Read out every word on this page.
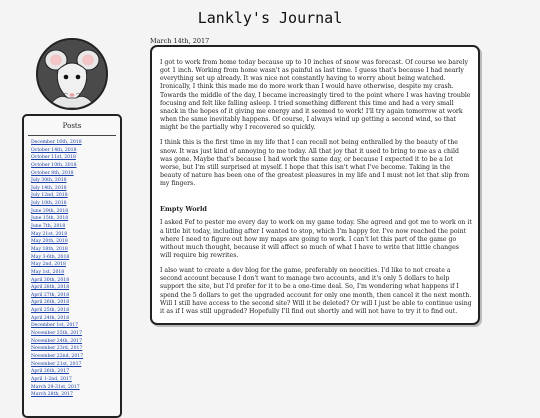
Lankly's Journal
Posts
December 16th, 2018
October 14th, 2018
October 11st, 2018
October 10th, 2018
October 8th, 2018
July 30th, 2018
July 14th, 2018
July 12nd, 2018
July 10th, 2018
June 29th, 2018
June 15th, 2018
June 7th, 2018
May 21st, 2018
May 20th, 2018
May 18th, 2018
May 3-6th, 2018
May 2nd, 2018
May 1st, 2018
April 30th, 2018
April 28th, 2018
April 27th, 2018
April 26th, 2018
April 25th, 2018
April 24th, 2018
December 1st, 2017
November 25th, 2017
November 24th, 2017
November 23rd, 2017
November 22nd, 2017
November 21st, 2017
April 26th, 2017
April 1-2nd, 2017
March 29-31st, 2017
March 28th, 2017
March 14th, 2017

I got to work from home today because up to 10 inches of snow was forecast. Of course we barely got 1 inch. Working from home wasn't as painful as last time. I guess that's because I had nearly everything set up already. It was nice not constantly having to worry about being watched. Ironically, I think this made me do more work than I would have otherwise, despite my crash. Towards the middle of the day, I became increasingly tired to the point where I was having trouble focusing and felt like falling asleep. I tried something different this time and had a very small snack in the hopes of it giving me energy and it seemed to work! I'll try again tomorrow at work when the same inevitably happens. Of course, I always wind up getting a second wind, so that might be the partially why I recovered so quickly.

I think this is the first time in my life that I can recall not being enthralled by the beauty of the snow. It was just kind of annoying to me today. All that joy that it used to bring to me as a child was gone. Maybe that's because I had work the same day, or because I expected it to be a lot worse, but I'm still surprised at myself. I hope that this isn't what I've become. Taking in the beauty of nature has been one of the greatest pleasures in my life and I must not let that slip from my fingers.

Empty World

I asked Fef to pester me every day to work on my game today. She agreed and got me to work on it a little bit today, including after I wanted to stop, which I'm happy for. I've now reached the point where I need to figure out how my maps are going to work. I can't let this part of the game go without much thought, because it will affect so much of what I have to write that little changes will require big rewrites.

I also want to create a dev blog for the game, preferably on neocities. I'd like to not create a second account because I don't want to manage two accounts, and it's only 5 dollars to help support the site, but I'd prefer for it to be a one-time deal. So, I'm wondering what happens if I spend the 5 dollars to get the upgraded account for only one month, then cancel it the next month. Will I still have access to the second site? Will it be deleted? Or will I just be able to continue using it as if I was still upgraded? Hopefully I'll find out shortly and will not have to try it to find out.
